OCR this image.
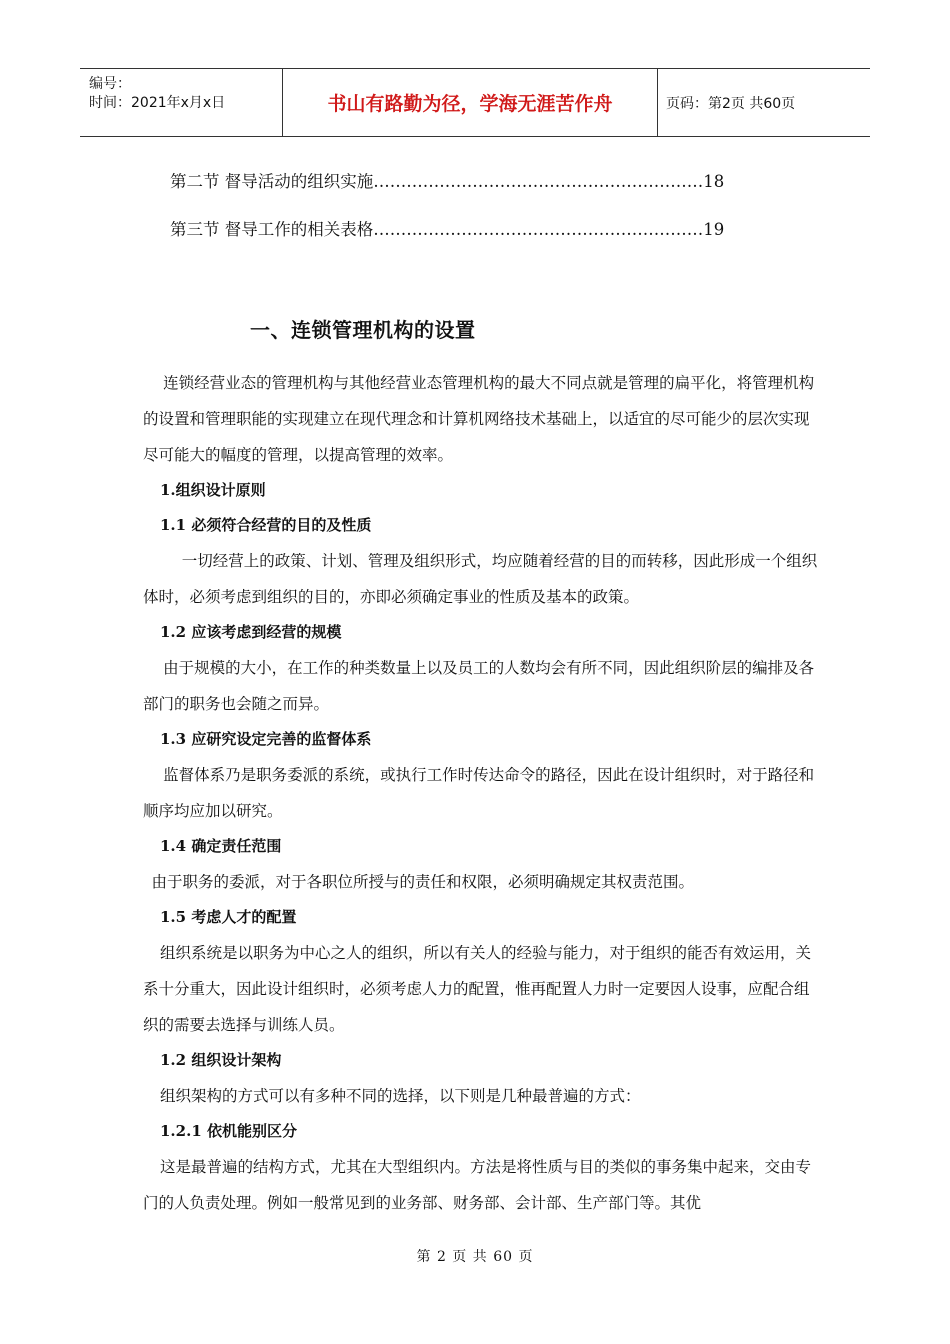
编号：
时间：2021年x月x日	书山有路勤为径，学海无涯苦作舟	页码：第2页 共60页
第二节 督导活动的组织实施……………………………………………………18
第三节 督导工作的相关表格……………………………………………………19
一、连锁管理机构的设置

连锁经营业态的管理机构与其他经营业态管理机构的最大不同点就是管理的扁平化，将管理机构的设置和管理职能的实现建立在现代理念和计算机网络技术基础上，以适宜的尽可能少的层次实现尽可能大的幅度的管理，以提高管理的效率。

1.组织设计原则

1.1 必须符合经营的目的及性质

一切经营上的政策、计划、管理及组织形式，均应随着经营的目的而转移，因此形成一个组织体时，必须考虑到组织的目的，亦即必须确定事业的性质及基本的政策。

1.2 应该考虑到经营的规模

由于规模的大小，在工作的种类数量上以及员工的人数均会有所不同，因此组织阶层的编排及各部门的职务也会随之而异。

1.3 应研究设定完善的监督体系

监督体系乃是职务委派的系统，或执行工作时传达命令的路径，因此在设计组织时，对于路径和顺序均应加以研究。

1.4 确定责任范围

由于职务的委派，对于各职位所授与的责任和权限，必须明确规定其权责范围。

1.5 考虑人才的配置

组织系统是以职务为中心之人的组织，所以有关人的经验与能力，对于组织的能否有效运用，关系十分重大，因此设计组织时，必须考虑人力的配置，惟再配置人力时一定要因人设事，应配合组织的需要去选择与训练人员。

1.2 组织设计架构

组织架构的方式可以有多种不同的选择，以下则是几种最普遍的方式：

1.2.1 依机能别区分

这是最普遍的结构方式，尤其在大型组织内。方法是将性质与目的类似的事务集中起来，交由专门的人负责处理。例如一般常见到的业务部、财务部、会计部、生产部门等。其优

第 2 页 共 60 页
